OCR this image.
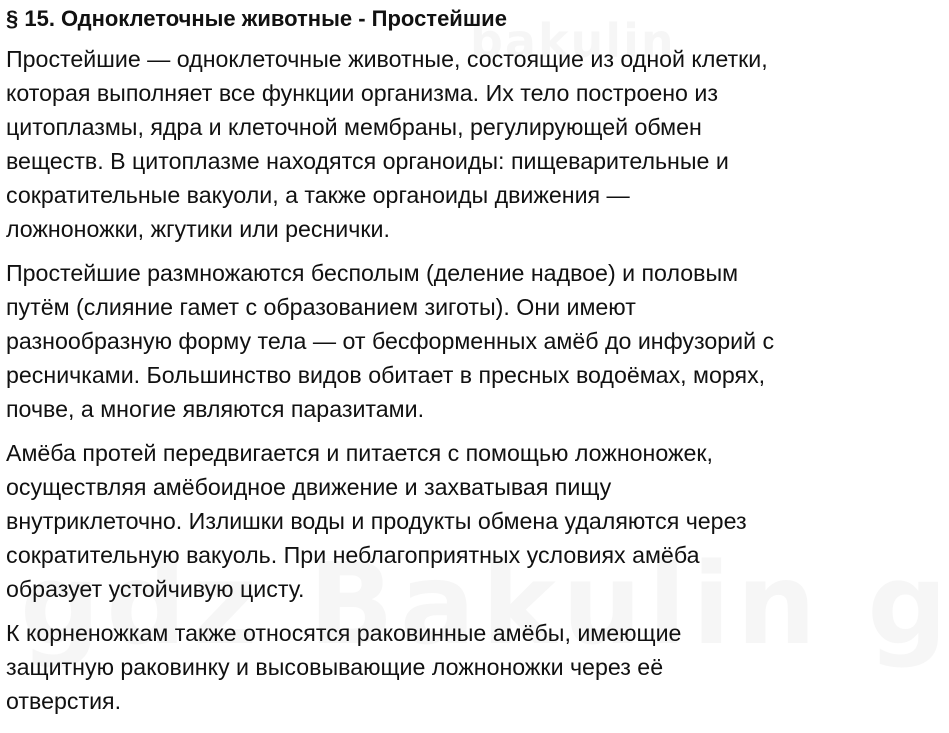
§ 15. Одноклеточные животные - Простейшие
Простейшие — одноклеточные животные, состоящие из одной клетки,
которая выполняет все функции организма. Их тело построено из
цитоплазмы, ядра и клеточной мембраны, регулирующей обмен
веществ. В цитоплазме находятся органоиды: пищеварительные и
сократительные вакуоли, а также органоиды движения —
ложноножки, жгутики или реснички.
Простейшие размножаются бесполым (деление надвое) и половым
путём (слияние гамет с образованием зиготы). Они имеют
разнообразную форму тела — от бесформенных амёб до инфузорий с
ресничками. Большинство видов обитает в пресных водоёмах, морях,
почве, а многие являются паразитами.
Амёба протей передвигается и питается с помощью ложноножек,
осуществляя амёбоидное движение и захватывая пищу
внутриклеточно. Излишки воды и продукты обмена удаляются через
сократительную вакуоль. При неблагоприятных условиях амёба
образует устойчивую цисту.
К корненожкам также относятся раковинные амёбы, имеющие
защитную раковинку и высовывающие ложноножки через её
отверстия.
